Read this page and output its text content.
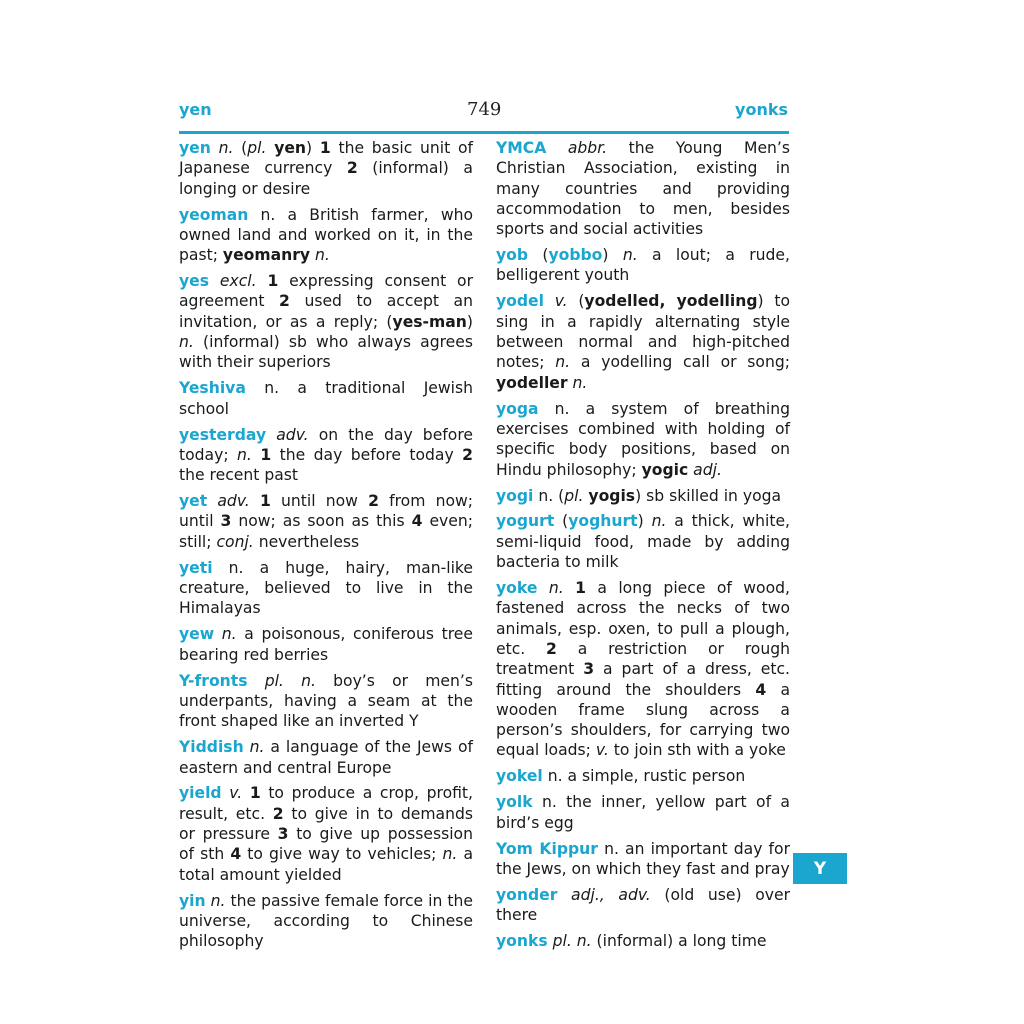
yen	749	yonks

yen n. (pl. yen) 1 the basic unit of Japanese currency 2 (informal) a longing or desire

yeoman n. a British farmer, who owned land and worked on it, in the past; yeomanry n.

yes excl. 1 expressing consent or agreement 2 used to accept an invitation, or as a reply; (yes-man) n. (informal) sb who always agrees with their superiors

Yeshiva n. a traditional Jewish school

yesterday adv. on the day before today; n. 1 the day before today 2 the recent past

yet adv. 1 until now 2 from now; until 3 now; as soon as this 4 even; still; conj. nevertheless

yeti n. a huge, hairy, man-like creature, believed to live in the Himalayas

yew n. a poisonous, coniferous tree bearing red berries

Y-fronts pl. n. boy’s or men’s underpants, having a seam at the front shaped like an inverted Y

Yiddish n. a language of the Jews of eastern and central Europe

yield v. 1 to produce a crop, profit, result, etc. 2 to give in to demands or pressure 3 to give up possession of sth 4 to give way to vehicles; n. a total amount yielded

yin n. the passive female force in the universe, according to Chinese philosophy

YMCA abbr. the Young Men’s Christian Association, existing in many countries and providing accommodation to men, besides sports and social activities

yob (yobbo) n. a lout; a rude, belligerent youth

yodel v. (yodelled, yodelling) to sing in a rapidly alternating style between normal and high-pitched notes; n. a yodelling call or song; yodeller n.

yoga n. a system of breathing exercises combined with holding of specific body positions, based on Hindu philosophy; yogic adj.

yogi n. (pl. yogis) sb skilled in yoga

yogurt (yoghurt) n. a thick, white, semi-liquid food, made by adding bacteria to milk

yoke n. 1 a long piece of wood, fastened across the necks of two animals, esp. oxen, to pull a plough, etc. 2 a restriction or rough treatment 3 a part of a dress, etc. fitting around the shoulders 4 a wooden frame slung across a person’s shoulders, for carrying two equal loads; v. to join sth with a yoke

yokel n. a simple, rustic person

yolk n. the inner, yellow part of a bird’s egg

Yom Kippur n. an important day for the Jews, on which they fast and pray

yonder adj., adv. (old use) over there

yonks pl. n. (informal) a long time

Y
